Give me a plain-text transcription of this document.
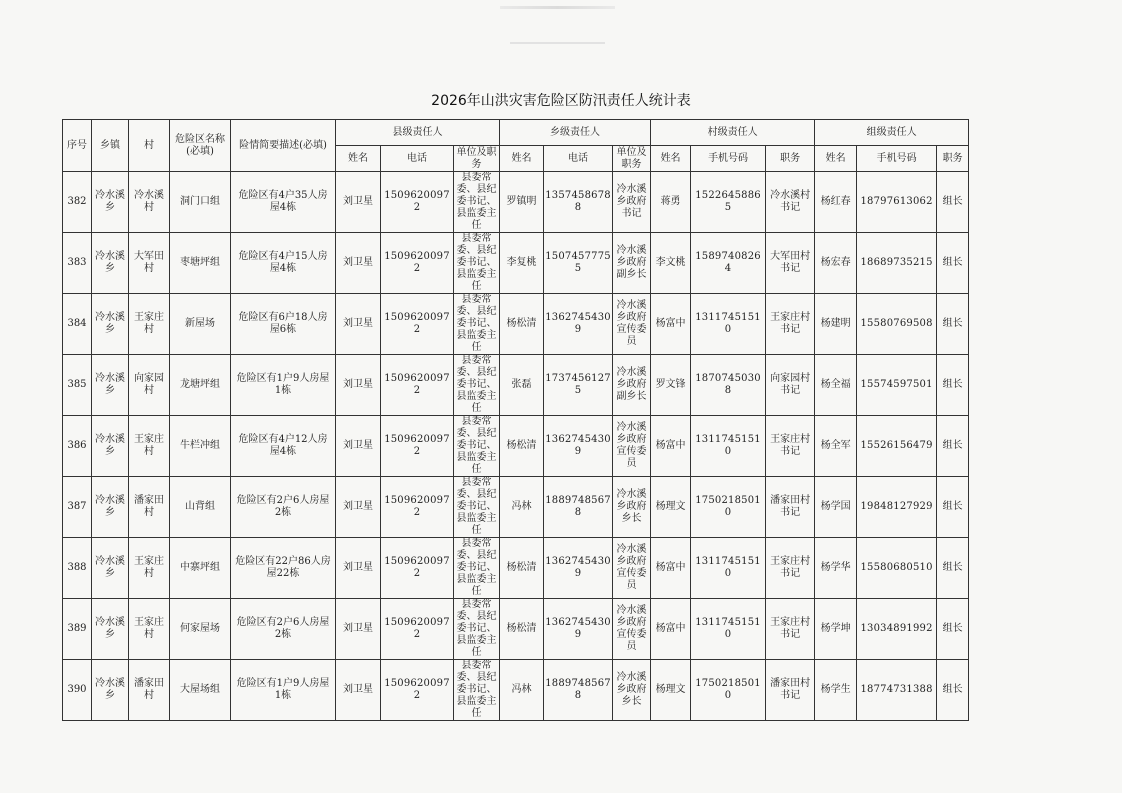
2026年山洪灾害危险区防汛责任人统计表
序号	乡镇	村	危险区名称(必填)	险情简要描述(必填)	县级责任人			乡级责任人			村级责任人			组级责任人		
					姓名	电话	单位及职务	姓名	电话	单位及职务	姓名	手机号码	职务	姓名	手机号码	职务
382	冷水溪乡	冷水溪村	洞门口组	危险区有4户35人房屋4栋	刘卫星	15096200972	县委常委、县纪委书记、县监委主任	罗镇明	13574586788	冷水溪乡政府书记	蒋勇	15226458865	冷水溪村书记	杨红春	18797613062	组长
383	冷水溪乡	大军田村	枣塘坪组	危险区有4户15人房屋4栋	刘卫星	15096200972	县委常委、县纪委书记、县监委主任	李复桃	15074577755	冷水溪乡政府副乡长	李文桃	15897408264	大军田村书记	杨宏春	18689735215	组长
384	冷水溪乡	王家庄村	新屋场	危险区有6户18人房屋6栋	刘卫星	15096200972	县委常委、县纪委书记、县监委主任	杨松清	13627454309	冷水溪乡政府宣传委员	杨富中	13117451510	王家庄村书记	杨建明	15580769508	组长
385	冷水溪乡	向家园村	龙塘坪组	危险区有1户9人房屋1栋	刘卫星	15096200972	县委常委、县纪委书记、县监委主任	张磊	17374561275	冷水溪乡政府副乡长	罗文锋	18707450308	向家园村书记	杨全福	15574597501	组长
386	冷水溪乡	王家庄村	牛栏冲组	危险区有4户12人房屋4栋	刘卫星	15096200972	县委常委、县纪委书记、县监委主任	杨松清	13627454309	冷水溪乡政府宣传委员	杨富中	13117451510	王家庄村书记	杨全军	15526156479	组长
387	冷水溪乡	潘家田村	山背组	危险区有2户6人房屋2栋	刘卫星	15096200972	县委常委、县纪委书记、县监委主任	冯林	18897485678	冷水溪乡政府乡长	杨理文	17502185010	潘家田村书记	杨学国	19848127929	组长
388	冷水溪乡	王家庄村	中寨坪组	危险区有22户86人房屋22栋	刘卫星	15096200972	县委常委、县纪委书记、县监委主任	杨松清	13627454309	冷水溪乡政府宣传委员	杨富中	13117451510	王家庄村书记	杨学华	15580680510	组长
389	冷水溪乡	王家庄村	何家屋场	危险区有2户6人房屋2栋	刘卫星	15096200972	县委常委、县纪委书记、县监委主任	杨松清	13627454309	冷水溪乡政府宣传委员	杨富中	13117451510	王家庄村书记	杨学坤	13034891992	组长
390	冷水溪乡	潘家田村	大屋场组	危险区有1户9人房屋1栋	刘卫星	15096200972	县委常委、县纪委书记、县监委主任	冯林	18897485678	冷水溪乡政府乡长	杨理文	17502185010	潘家田村书记	杨学生	18774731388	组长
